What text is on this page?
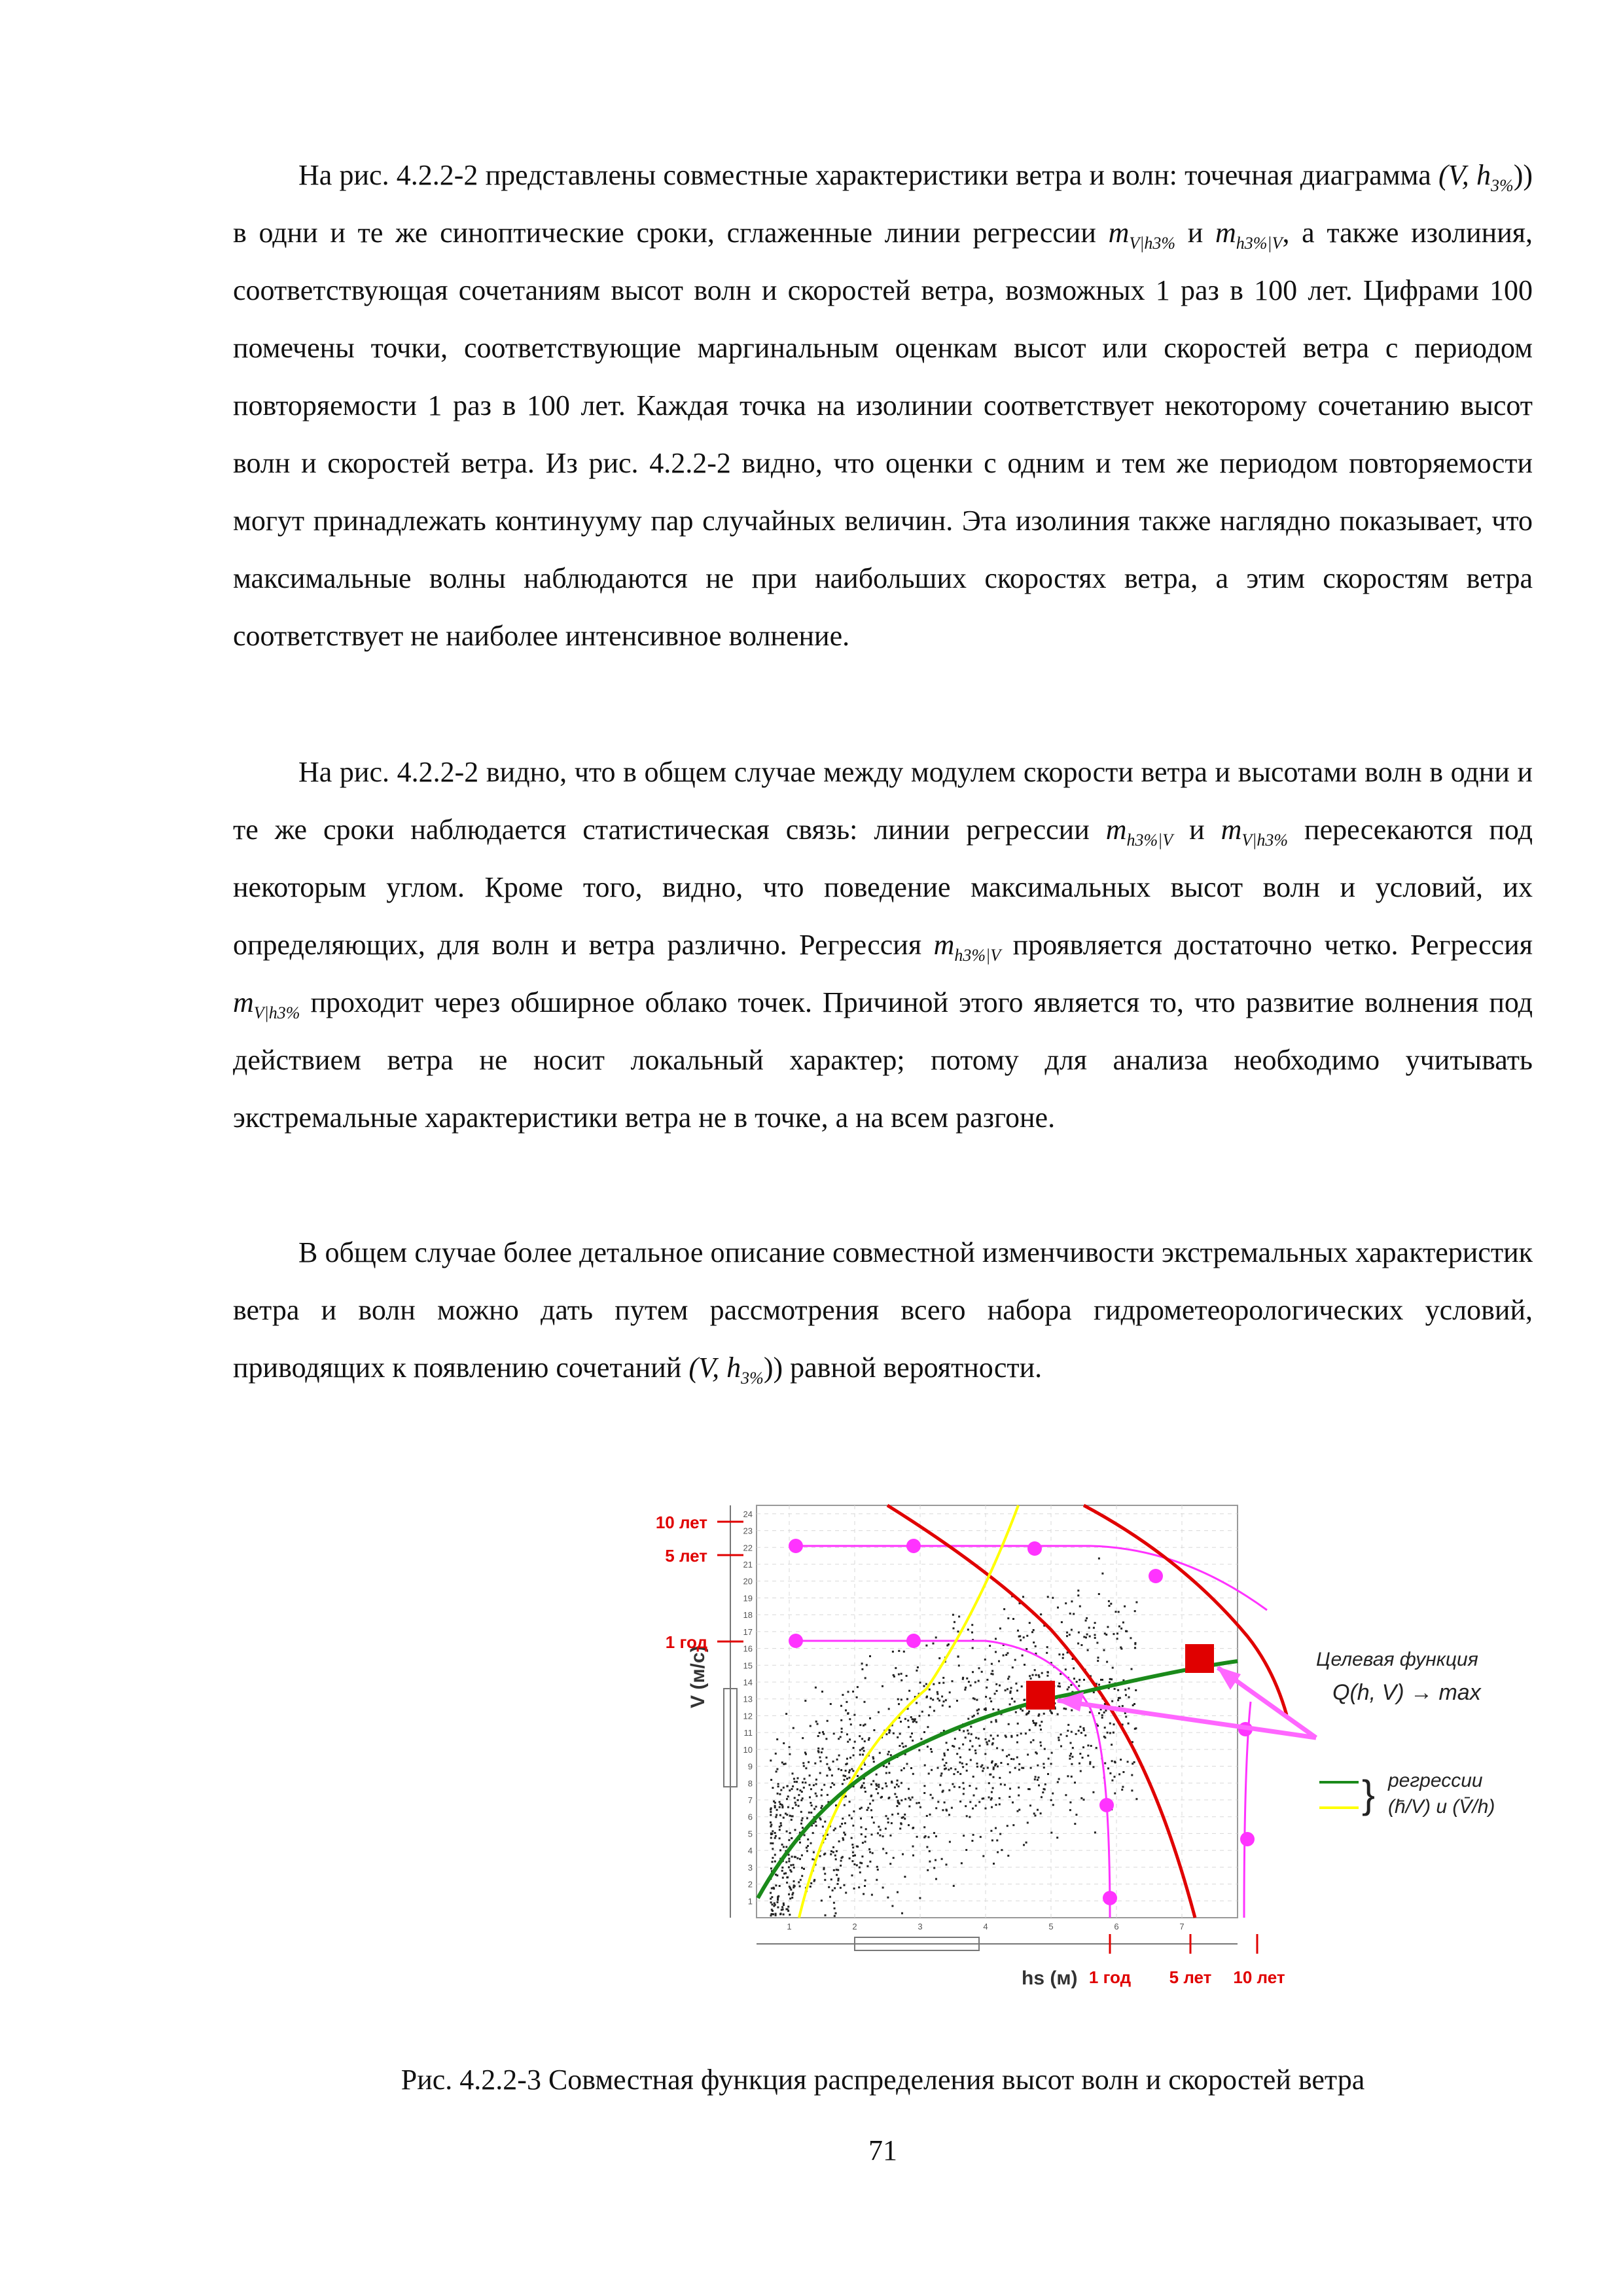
На рис. 4.2.2-2 представлены совместные характеристики ветра и волн: точечная диаграмма (V, $h_{3\%}$)) в одни и те же синоптические сроки, сглаженные линии регрессии $m_{V|h3\%}$ и $m_{h3\%|V}$, а также изолиния, соответствующая сочетаниям высот волн и скоростей ветра, возможных 1 раз в 100 лет. Цифрами 100 помечены точки, соответствующие маргинальным оценкам высот или скоростей ветра с периодом повторяемости 1 раз в 100 лет. Каждая точка на изолинии соответствует некоторому сочетанию высот волн и скоростей ветра. Из рис. 4.2.2-2 видно, что оценки с одним и тем же периодом повторяемости могут принадлежать континууму пар случайных величин. Эта изолиния также наглядно показывает, что максимальные волны наблюдаются не при наибольших скоростях ветра, а этим скоростям ветра соответствует не наиболее интенсивное волнение.

На рис. 4.2.2-2 видно, что в общем случае между модулем скорости ветра и высотами волн в одни и те же сроки наблюдается статистическая связь: линии регрессии $m_{h3\%|V}$ и $m_{V|h3\%}$ пересекаются под некоторым углом. Кроме того, видно, что поведение максимальных высот волн и условий, их определяющих, для волн и ветра различно. Регрессия $m_{h3\%|V}$ проявляется достаточно четко. Регрессия $m_{V|h3\%}$ проходит через обширное облако точек. Причиной этого является то, что развитие волнения под действием ветра не носит локальный характер; потому для анализа необходимо учитывать экстремальные характеристики ветра не в точке, а на всем разгоне.

В общем случае более детальное описание совместной изменчивости экстремальных характеристик ветра и волн можно дать путем рассмотрения всего набора гидрометеорологических условий, приводящих к появлению сочетаний (V, $h_{3\%}$)) равной вероятности.

1
2
3
4
5
6
7
8
9
10
11
12
13
14
15
16
17
18
19
20
21
22
23
24
1	2	3	4	5	6	7
V (м/с)
10 лет
5 лет
1 год
hs (м) 1 год 5 лет 10 лет
Целевая функция
Q(h, V) → max
} регрессии
(h̄/V) и (V̄/h)
Рис. 4.2.2-3 Совместная функция распределения высот волн и скоростей ветра
71
